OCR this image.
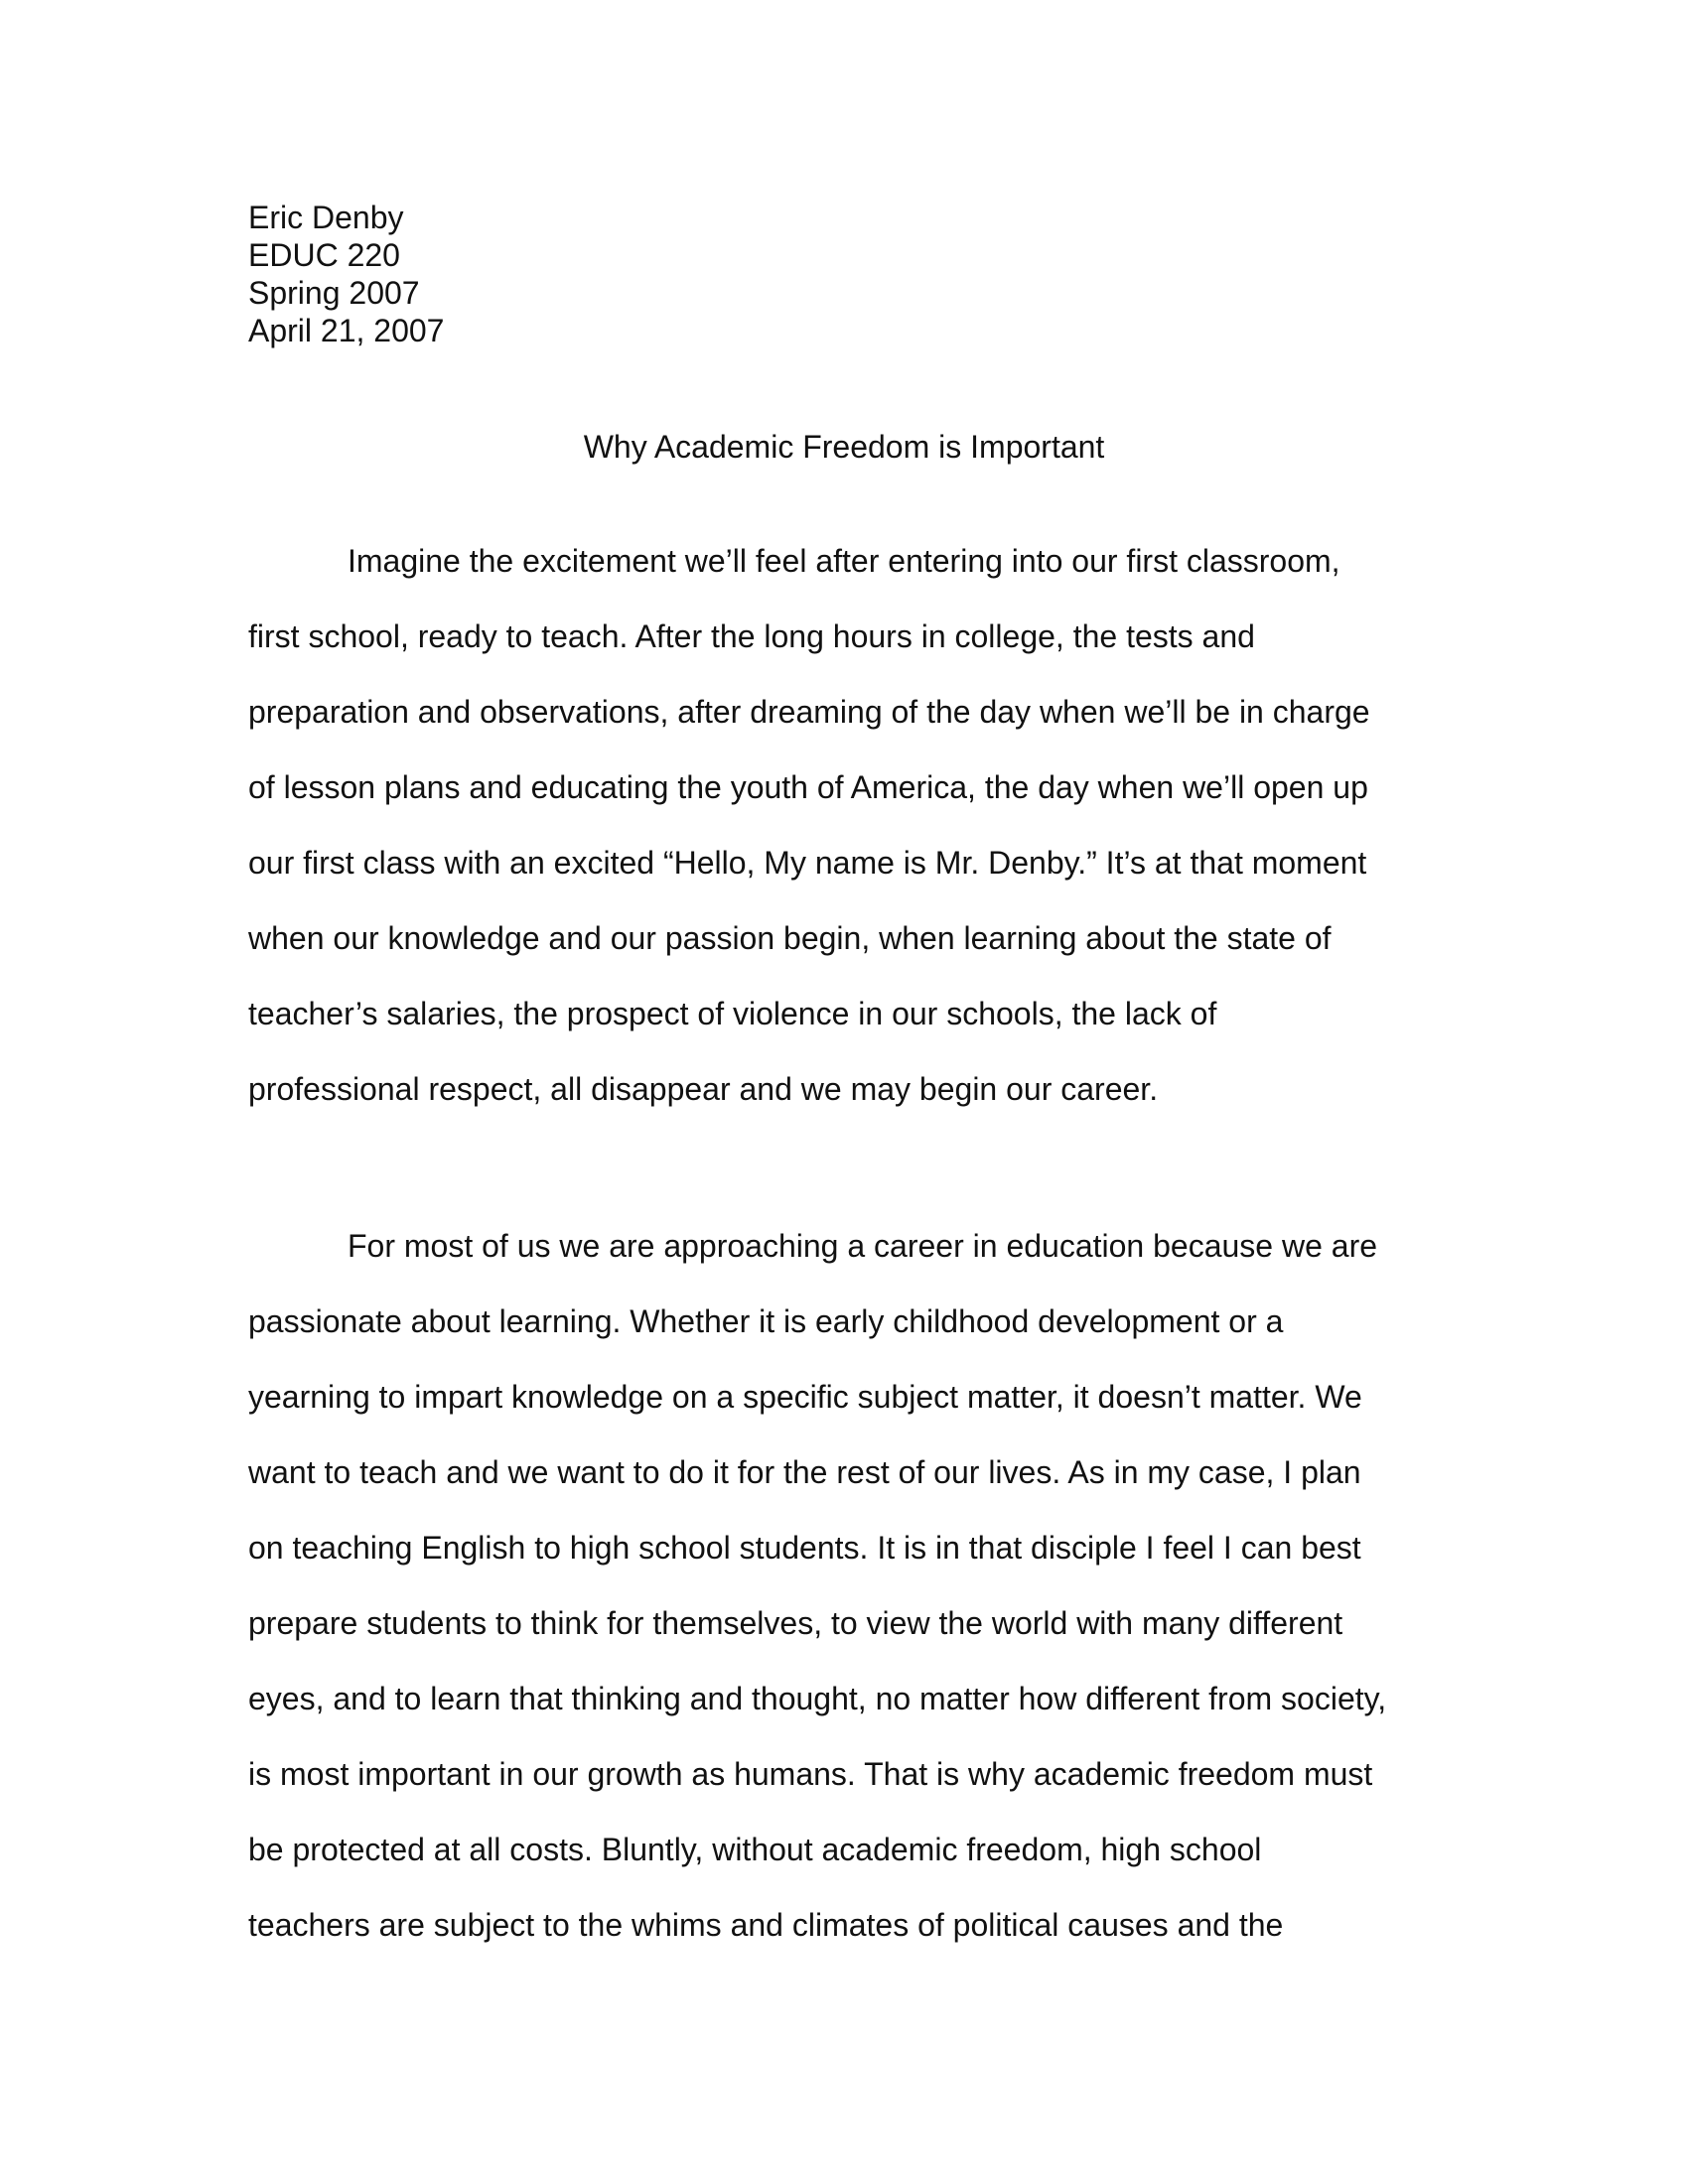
Eric Denby
EDUC 220
Spring 2007
April 21, 2007
Why Academic Freedom is Important
Imagine the excitement we’ll feel after entering into our first classroom,
first school, ready to teach. After the long hours in college, the tests and
preparation and observations, after dreaming of the day when we’ll be in charge
of lesson plans and educating the youth of America, the day when we’ll open up
our first class with an excited “Hello, My name is Mr. Denby.” It’s at that moment
when our knowledge and our passion begin, when learning about the state of
teacher’s salaries, the prospect of violence in our schools, the lack of
professional respect, all disappear and we may begin our career.
For most of us we are approaching a career in education because we are
passionate about learning. Whether it is early childhood development or a
yearning to impart knowledge on a specific subject matter, it doesn’t matter. We
want to teach and we want to do it for the rest of our lives. As in my case, I plan
on teaching English to high school students. It is in that disciple I feel I can best
prepare students to think for themselves, to view the world with many different
eyes, and to learn that thinking and thought, no matter how different from society,
is most important in our growth as humans. That is why academic freedom must
be protected at all costs. Bluntly, without academic freedom, high school
teachers are subject to the whims and climates of political causes and the
